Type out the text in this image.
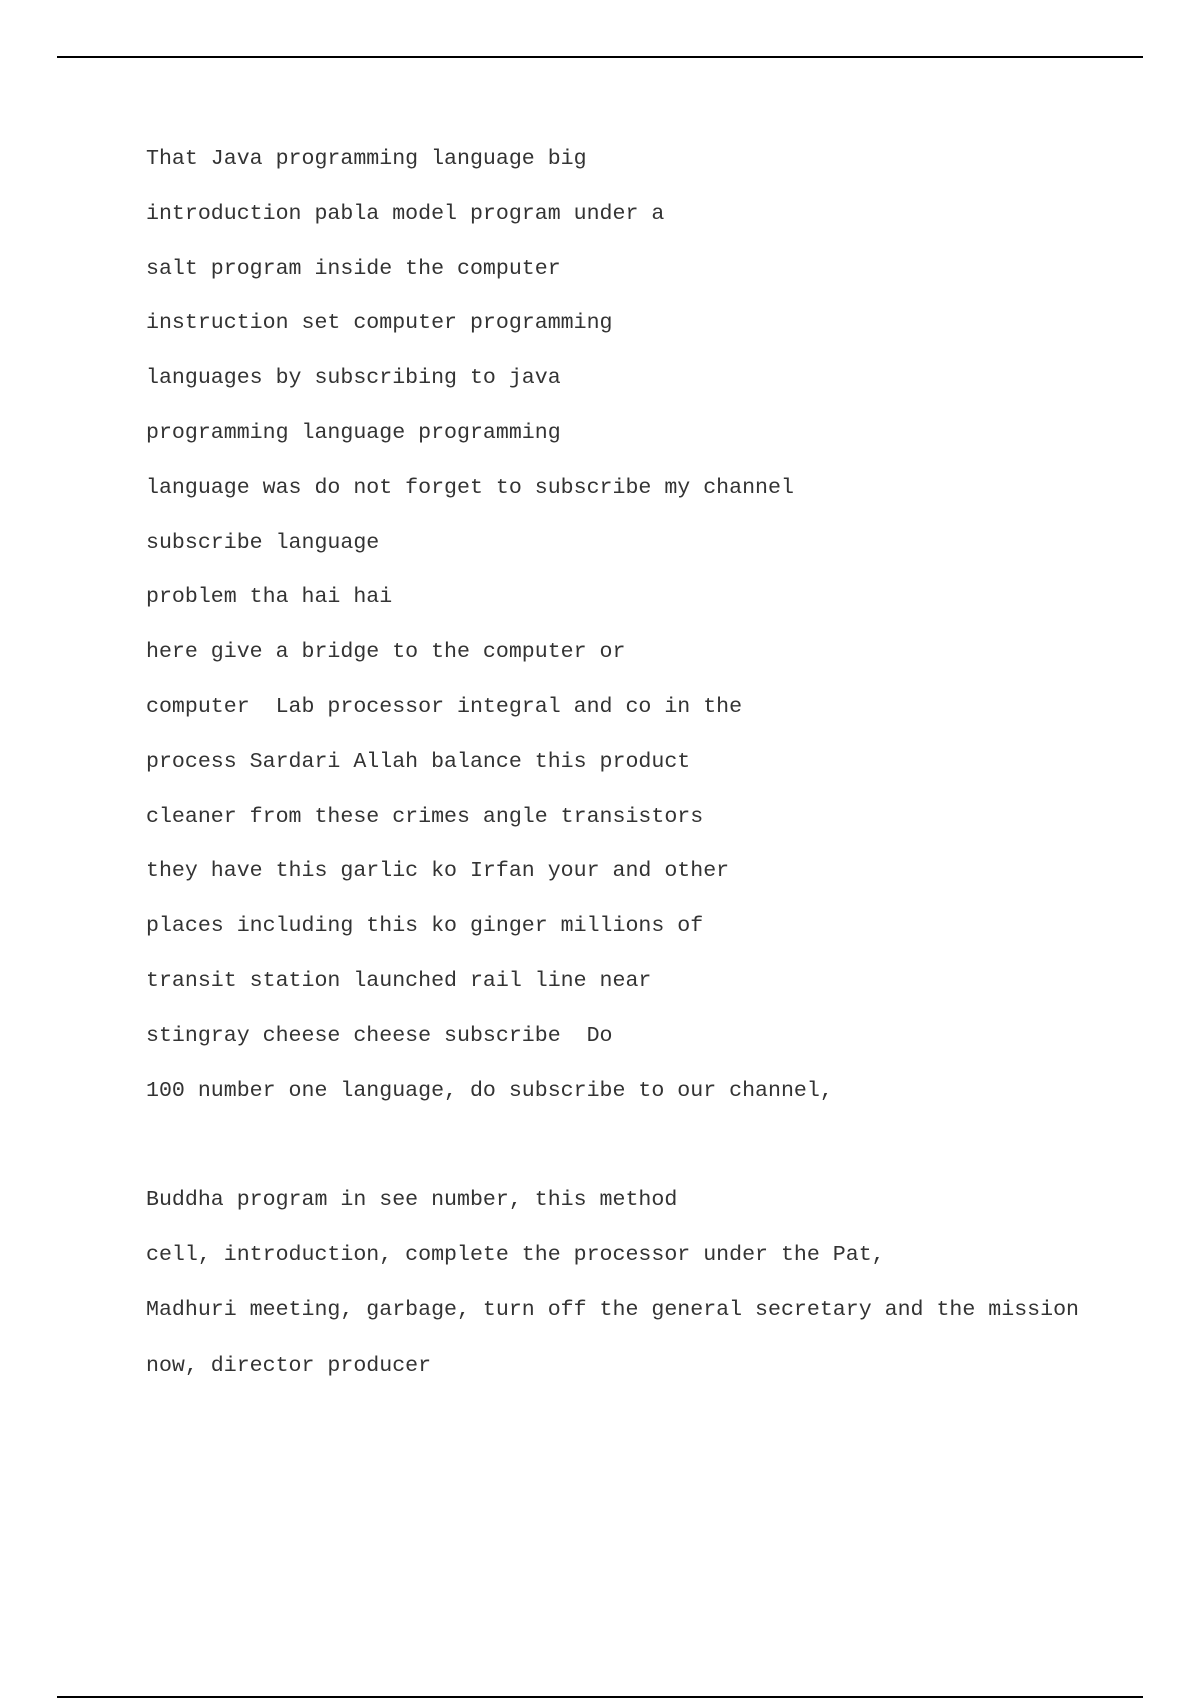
That Java programming language big
introduction pabla model program under a
salt program inside the computer
instruction set computer programming
languages by subscribing to java
programming language programming
language was do not forget to subscribe my channel
subscribe language
problem tha hai hai
here give a bridge to the computer or
computer  Lab processor integral and co in the
process Sardari Allah balance this product
cleaner from these crimes angle transistors
they have this garlic ko Irfan your and other
places including this ko ginger millions of
transit station launched rail line near
stingray cheese cheese subscribe  Do
100 number one language, do subscribe to our channel,
Buddha program in see number, this method
cell, introduction, complete the processor under the Pat,
Madhuri meeting, garbage, turn off the general secretary and the mission
now, director producer
